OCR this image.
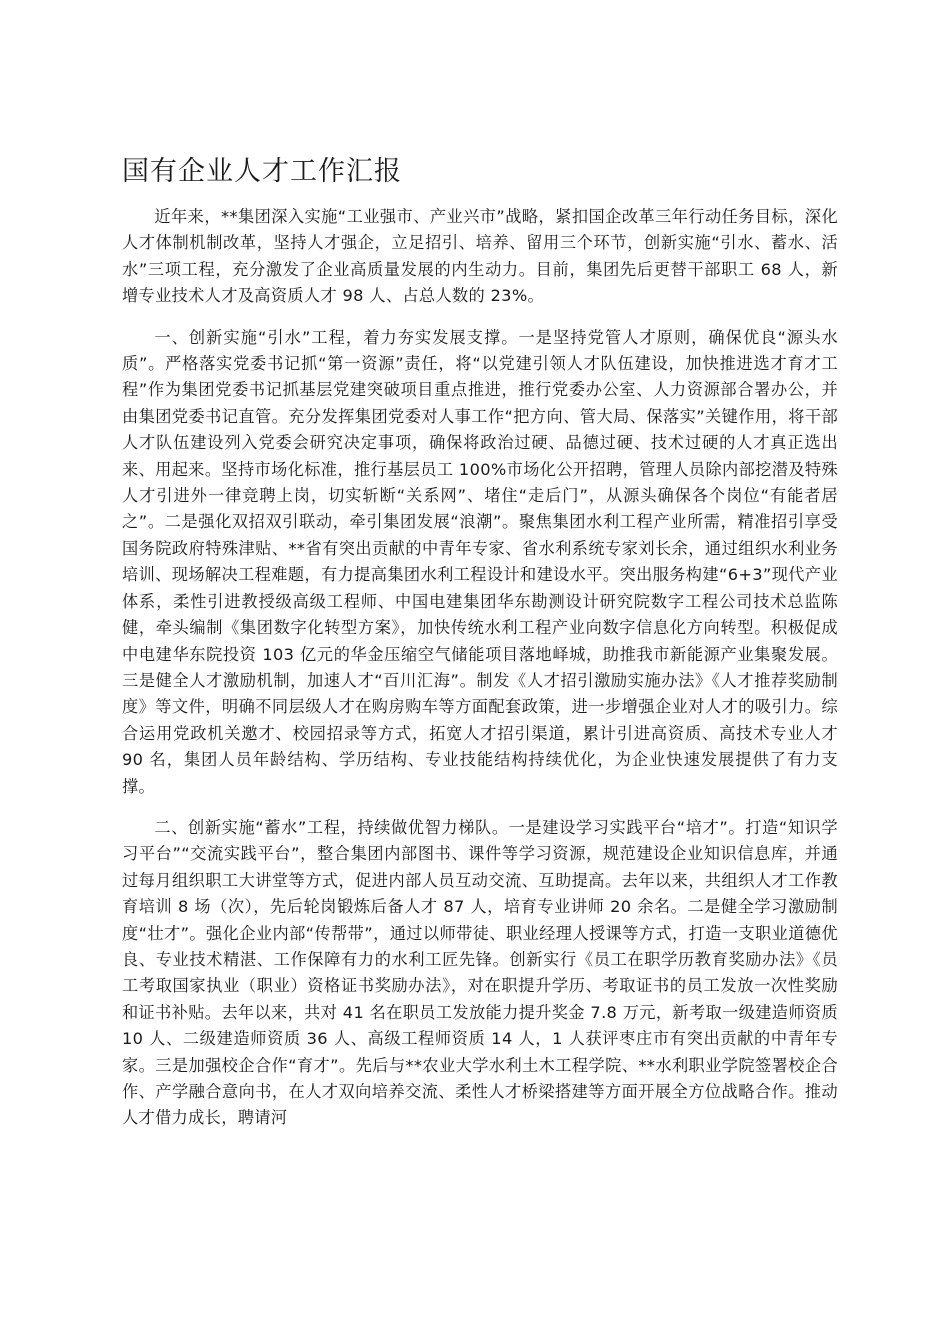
国有企业人才工作汇报

近年来，**集团深入实施“工业强市、产业兴市”战略，紧扣国企改革三年行动任务目标，深化人才体制机制改革，坚持人才强企，立足招引、培养、留用三个环节，创新实施“引水、蓄水、活水”三项工程，充分激发了企业高质量发展的内生动力。目前，集团先后更替干部职工 68 人，新增专业技术人才及高资质人才 98 人、占总人数的 23%。

一、创新实施“引水”工程，着力夯实发展支撑。一是坚持党管人才原则，确保优良“源头水质”。严格落实党委书记抓“第一资源”责任，将“以党建引领人才队伍建设，加快推进选才育才工程”作为集团党委书记抓基层党建突破项目重点推进，推行党委办公室、人力资源部合署办公，并由集团党委书记直管。充分发挥集团党委对人事工作“把方向、管大局、保落实”关键作用，将干部人才队伍建设列入党委会研究决定事项，确保将政治过硬、品德过硬、技术过硬的人才真正选出来、用起来。坚持市场化标准，推行基层员工 100%市场化公开招聘，管理人员除内部挖潜及特殊人才引进外一律竞聘上岗，切实斩断“关系网”、堵住“走后门”，从源头确保各个岗位“有能者居之”。二是强化双招双引联动，牵引集团发展“浪潮”。聚焦集团水利工程产业所需，精准招引享受国务院政府特殊津贴、**省有突出贡献的中青年专家、省水利系统专家刘长余，通过组织水利业务培训、现场解决工程难题，有力提高集团水利工程设计和建设水平。突出服务构建“6+3”现代产业体系，柔性引进教授级高级工程师、中国电建集团华东勘测设计研究院数字工程公司技术总监陈健，牵头编制《集团数字化转型方案》，加快传统水利工程产业向数字信息化方向转型。积极促成中电建华东院投资 103 亿元的华金压缩空气储能项目落地峄城，助推我市新能源产业集聚发展。三是健全人才激励机制，加速人才“百川汇海”。制发《人才招引激励实施办法》《人才推荐奖励制度》等文件，明确不同层级人才在购房购车等方面配套政策，进一步增强企业对人才的吸引力。综合运用党政机关邀才、校园招录等方式，拓宽人才招引渠道，累计引进高资质、高技术专业人才 90 名，集团人员年龄结构、学历结构、专业技能结构持续优化，为企业快速发展提供了有力支撑。

二、创新实施“蓄水”工程，持续做优智力梯队。一是建设学习实践平台“培才”。打造“知识学习平台”“交流实践平台”，整合集团内部图书、课件等学习资源，规范建设企业知识信息库，并通过每月组织职工大讲堂等方式，促进内部人员互动交流、互助提高。去年以来，共组织人才工作教育培训 8 场（次），先后轮岗锻炼后备人才 87 人，培育专业讲师 20 余名。二是健全学习激励制度“壮才”。强化企业内部“传帮带”，通过以师带徒、职业经理人授课等方式，打造一支职业道德优良、专业技术精湛、工作保障有力的水利工匠先锋。创新实行《员工在职学历教育奖励办法》《员工考取国家执业（职业）资格证书奖励办法》，对在职提升学历、考取证书的员工发放一次性奖励和证书补贴。去年以来，共对 41 名在职员工发放能力提升奖金 7.8 万元，新考取一级建造师资质 10 人、二级建造师资质 36 人、高级工程师资质 14 人，1 人获评枣庄市有突出贡献的中青年专家。三是加强校企合作“育才”。先后与**农业大学水利土木工程学院、**水利职业学院签署校企合作、产学融合意向书，在人才双向培养交流、柔性人才桥梁搭建等方面开展全方位战略合作。推动人才借力成长，聘请河
